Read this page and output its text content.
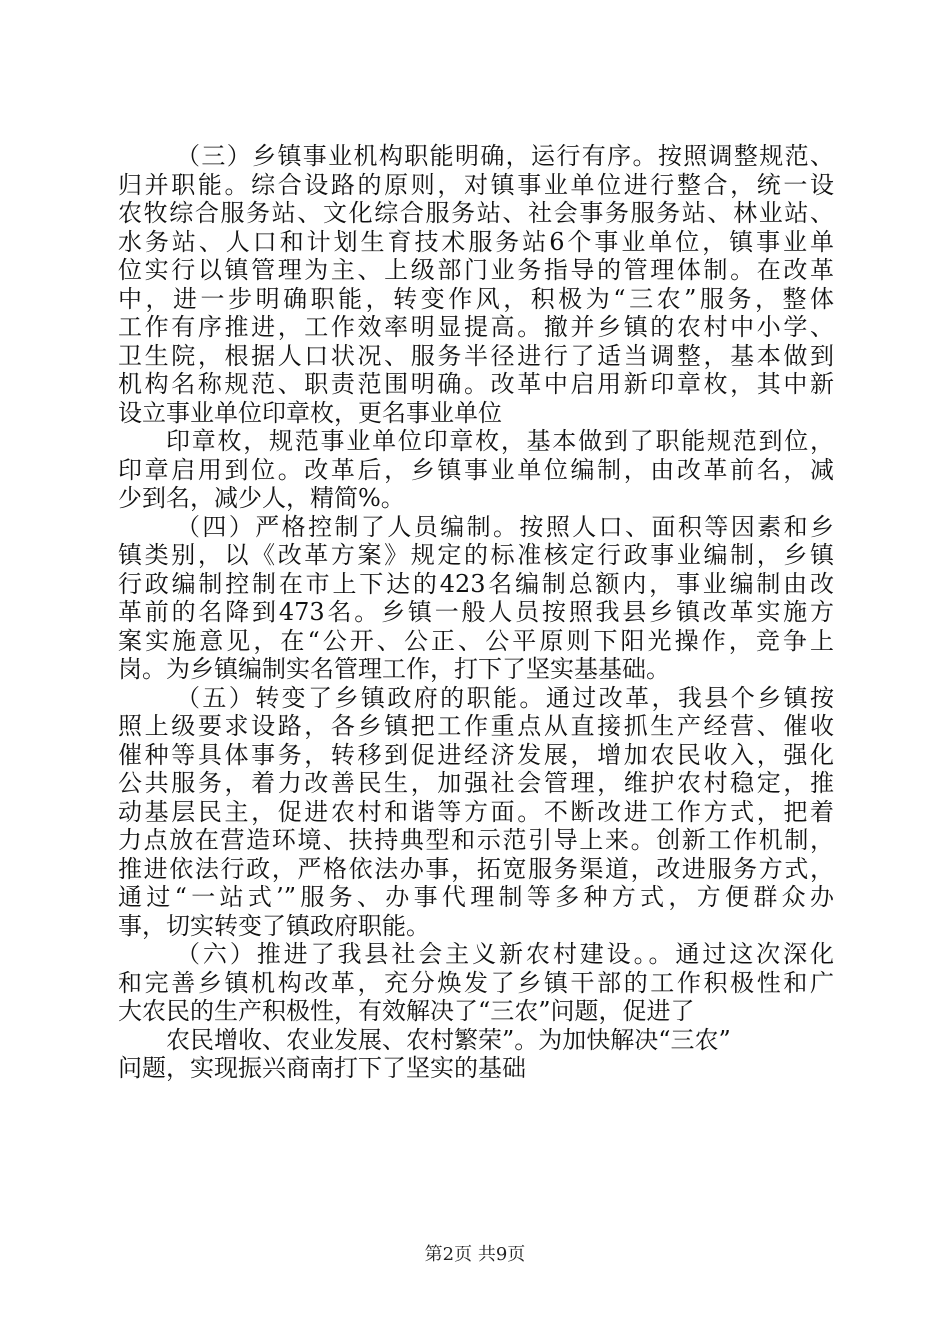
（三）乡镇事业机构职能明确，运行有序。按照调整规范、
归并职能。综合设路的原则，对镇事业单位进行整合，统一设
农牧综合服务站、文化综合服务站、社会事务服务站、林业站、
水务站、人口和计划生育技术服务站6个事业单位，镇事业单
位实行以镇管理为主、上级部门业务指导的管理体制。在改革
中，进一步明确职能，转变作风，积极为“三农”服务，整体
工作有序推进，工作效率明显提高。撤并乡镇的农村中小学、
卫生院，根据人口状况、服务半径进行了适当调整，基本做到
机构名称规范、职责范围明确。改革中启用新印章枚，其中新
设立事业单位印章枚，更名事业单位
印章枚，规范事业单位印章枚，基本做到了职能规范到位，
印章启用到位。改革后，乡镇事业单位编制，由改革前名，减
少到名，减少人，精简%。
（四）严格控制了人员编制。按照人口、面积等因素和乡
镇类别，以《改革方案》规定的标准核定行政事业编制，乡镇
行政编制控制在市上下达的423名编制总额内，事业编制由改
革前的名降到473名。乡镇一般人员按照我县乡镇改革实施方
案实施意见，在“公开、公正、公平原则下阳光操作，竞争上
岗。为乡镇编制实名管理工作，打下了坚实基基础。
（五）转变了乡镇政府的职能。通过改革，我县个乡镇按
照上级要求设路，各乡镇把工作重点从直接抓生产经营、催收
催种等具体事务，转移到促进经济发展，增加农民收入，强化
公共服务，着力改善民生，加强社会管理，维护农村稳定，推
动基层民主，促进农村和谐等方面。不断改进工作方式，把着
力点放在营造环境、扶持典型和示范引导上来。创新工作机制，
推进依法行政，严格依法办事，拓宽服务渠道，改进服务方式，
通过“一站式’”服务、办事代理制等多种方式，方便群众办
事，切实转变了镇政府职能。
（六）推进了我县社会主义新农村建设。。通过这次深化
和完善乡镇机构改革，充分焕发了乡镇干部的工作积极性和广
大农民的生产积极性，有效解决了“三农”问题，促进了
农民增收、农业发展、农村繁荣”。为加快解决“三农”
问题，实现振兴商南打下了坚实的基础
第2页 共9页
